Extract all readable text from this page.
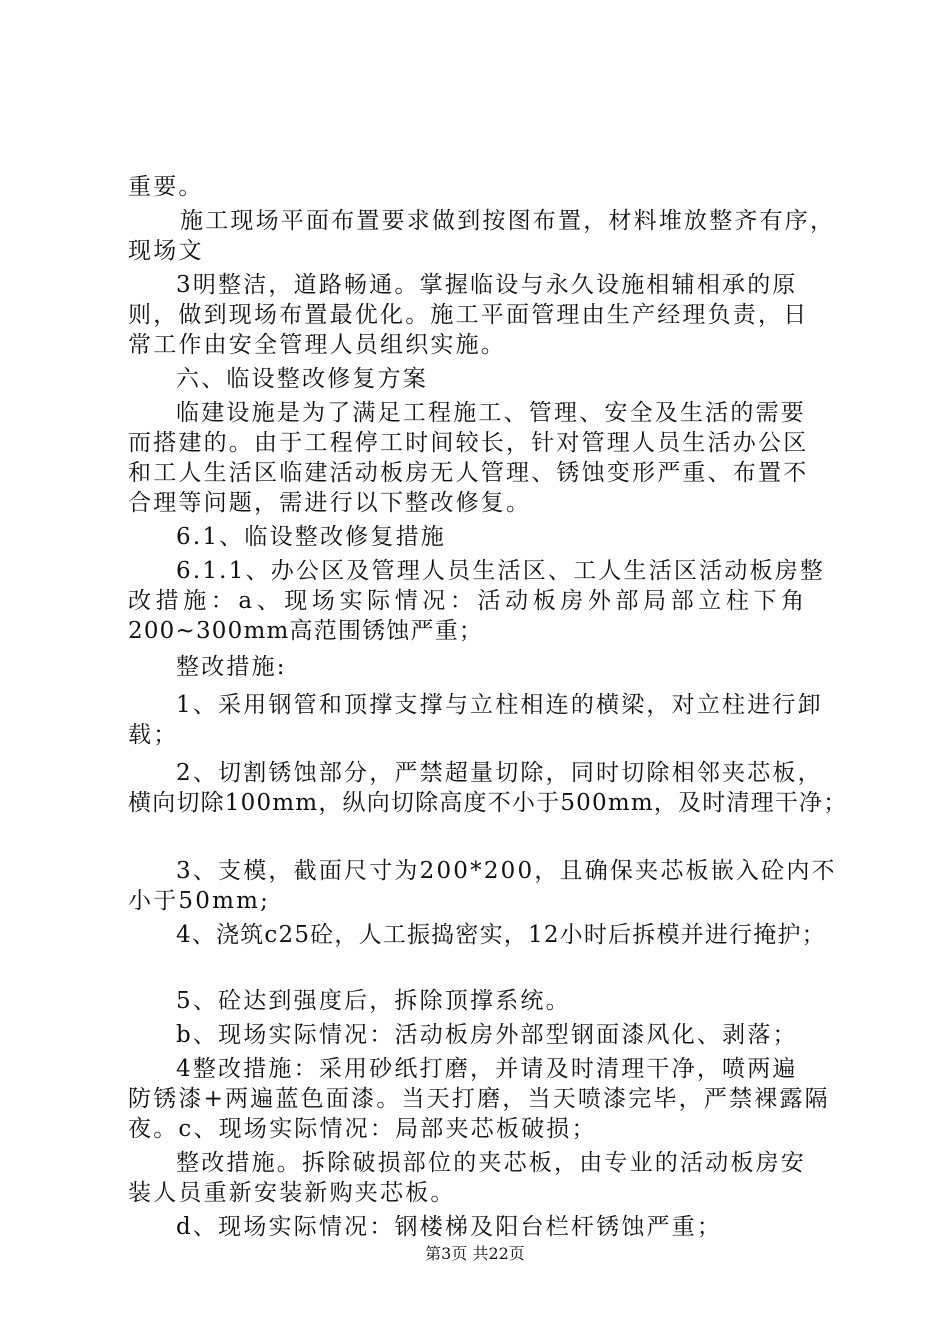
重要。
施工现场平面布置要求做到按图布置，材料堆放整齐有序，
现场文
3明整洁，道路畅通。掌握临设与永久设施相辅相承的原
则，做到现场布置最优化。施工平面管理由生产经理负责，日
常工作由安全管理人员组织实施。
六、临设整改修复方案
临建设施是为了满足工程施工、管理、安全及生活的需要
而搭建的。由于工程停工时间较长，针对管理人员生活办公区
和工人生活区临建活动板房无人管理、锈蚀变形严重、布置不
合理等问题，需进行以下整改修复。
6.1、临设整改修复措施
6.1.1、办公区及管理人员生活区、工人生活区活动板房整
改措施：a、现场实际情况：活动板房外部局部立柱下角
200~300mm高范围锈蚀严重；
整改措施:
1、采用钢管和顶撑支撑与立柱相连的横梁，对立柱进行卸
载；
2、切割锈蚀部分，严禁超量切除，同时切除相邻夹芯板，
横向切除100mm，纵向切除高度不小于500mm，及时清理干净；
3、支模，截面尺寸为200*200，且确保夹芯板嵌入砼内不
小于50mm;
4、浇筑c25砼，人工振捣密实，12小时后拆模并进行掩护；
5、砼达到强度后，拆除顶撑系统。
b、现场实际情况：活动板房外部型钢面漆风化、剥落；
4整改措施：采用砂纸打磨，并请及时清理干净，喷两遍
防锈漆+两遍蓝色面漆。当天打磨，当天喷漆完毕，严禁裸露隔
夜。c、现场实际情况：局部夹芯板破损；
整改措施。拆除破损部位的夹芯板，由专业的活动板房安
装人员重新安装新购夹芯板。
d、现场实际情况：钢楼梯及阳台栏杆锈蚀严重；
第3页 共22页
